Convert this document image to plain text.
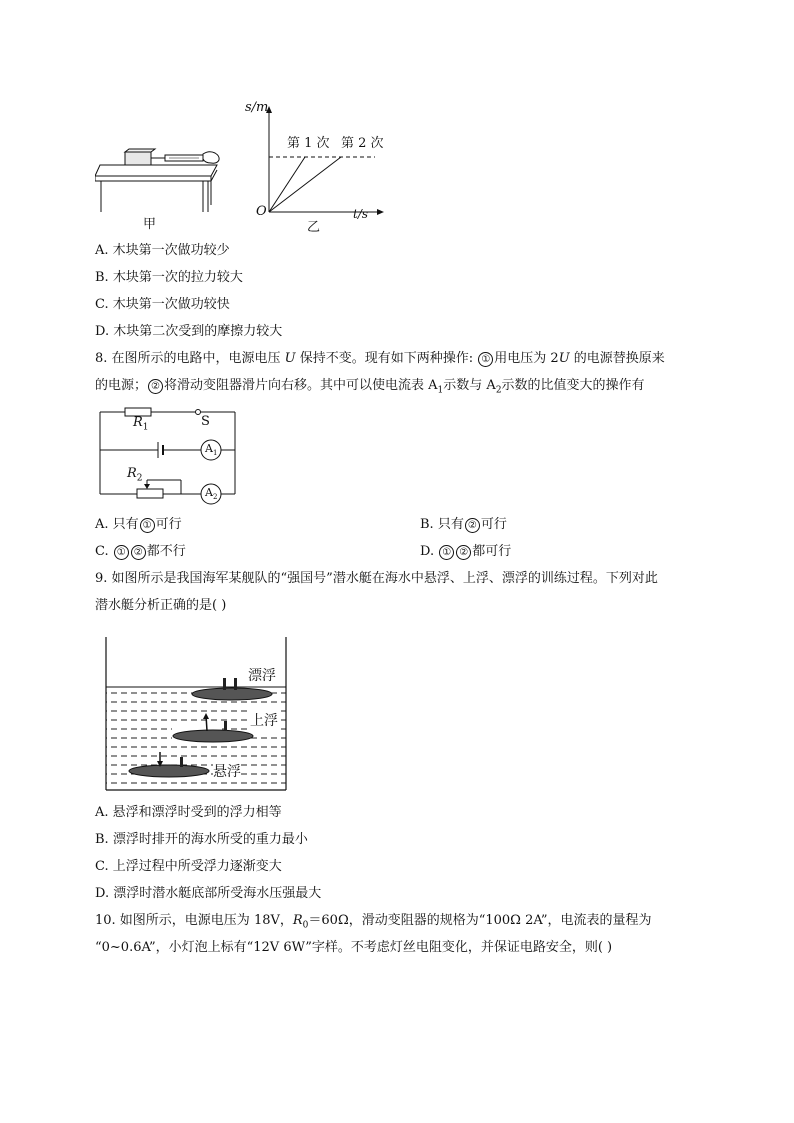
甲
s/m
第 1 次 第 2 次
O	t/s
乙
A. 木块第一次做功较少
B. 木块第一次的拉力较大
C. 木块第一次做功较快
D. 木块第二次受到的摩擦力较大
8. 在图所示的电路中，电源电压 U 保持不变。现有如下两种操作: ① 用电压为 2U 的电源替换原来
的电源； ② 将滑动变阻器滑片向右移。其中可以使电流表 $A_1$示数与 $A_2$示数的比值变大的操作有
$R_1$	S
$A_1$
$R_2$
$A_2$
A. 只有 ① 可行	B. 只有 ② 可行
C. ① ② 都不行	D. ① ② 都可行
9. 如图所示是我国海军某舰队的“强国号”潜水艇在海水中悬浮、上浮、漂浮的训练过程。下列对此
潜水艇分析正确的是( )
漂浮
上浮
悬浮
A. 悬浮和漂浮时受到的浮力相等
B. 漂浮时排开的海水所受的重力最小
C. 上浮过程中所受浮力逐渐变大
D. 漂浮时潜水艇底部所受海水压强最大
10. 如图所示，电源电压为 18V，$R_0=60\Omega$，滑动变阻器的规格为“100Ω 2A”，电流表的量程为
“0~0.6A”，小灯泡上标有“12V 6W”字样。不考虑灯丝电阻变化，并保证电路安全，则( )
